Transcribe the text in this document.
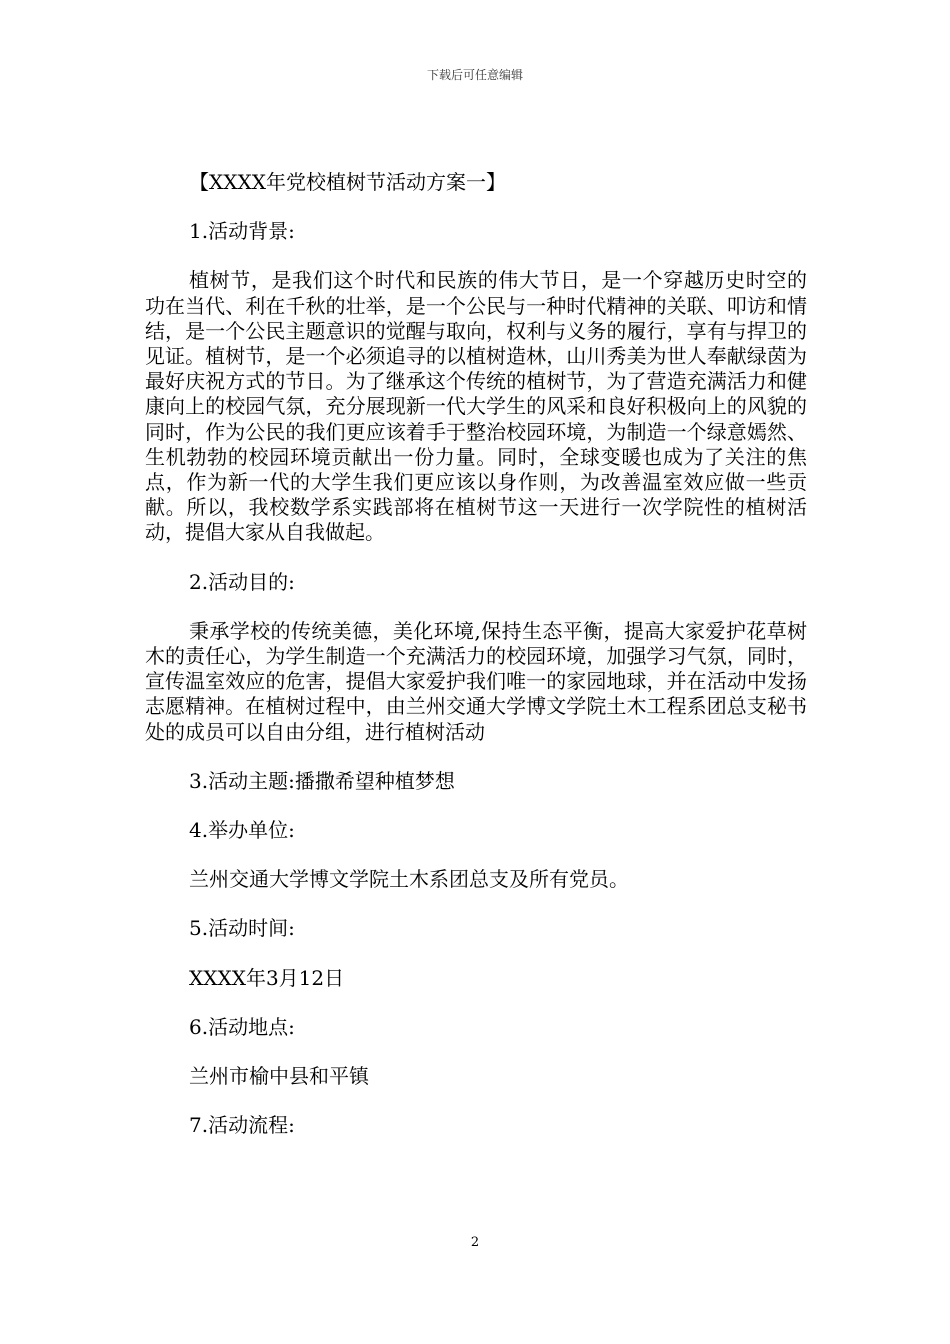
下载后可任意编辑

【XXXX年党校植树节活动方案一】

1.活动背景:

植树节，是我们这个时代和民族的伟大节日，是一个穿越历史时空的功在当代、利在千秋的壮举，是一个公民与一种时代精神的关联、叩访和情结，是一个公民主题意识的觉醒与取向，权利与义务的履行，享有与捍卫的见证。植树节，是一个必须追寻的以植树造林，山川秀美为世人奉献绿茵为最好庆祝方式的节日。为了继承这个传统的植树节，为了营造充满活力和健康向上的校园气氛，充分展现新一代大学生的风采和良好积极向上的风貌的同时，作为公民的我们更应该着手于整治校园环境，为制造一个绿意嫣然、生机勃勃的校园环境贡献出一份力量。同时，全球变暖也成为了关注的焦点，作为新一代的大学生我们更应该以身作则，为改善温室效应做一些贡献。所以，我校数学系实践部将在植树节这一天进行一次学院性的植树活动，提倡大家从自我做起。

2.活动目的:

秉承学校的传统美德，美化环境,保持生态平衡，提高大家爱护花草树木的责任心，为学生制造一个充满活力的校园环境，加强学习气氛，同时，宣传温室效应的危害，提倡大家爱护我们唯一的家园地球，并在活动中发扬志愿精神。在植树过程中，由兰州交通大学博文学院土木工程系团总支秘书处的成员可以自由分组，进行植树活动

3.活动主题:播撒希望种植梦想

4.举办单位:

兰州交通大学博文学院土木系团总支及所有党员。

5.活动时间:

XXXX年3月12日

6.活动地点:

兰州市榆中县和平镇

7.活动流程:

2
